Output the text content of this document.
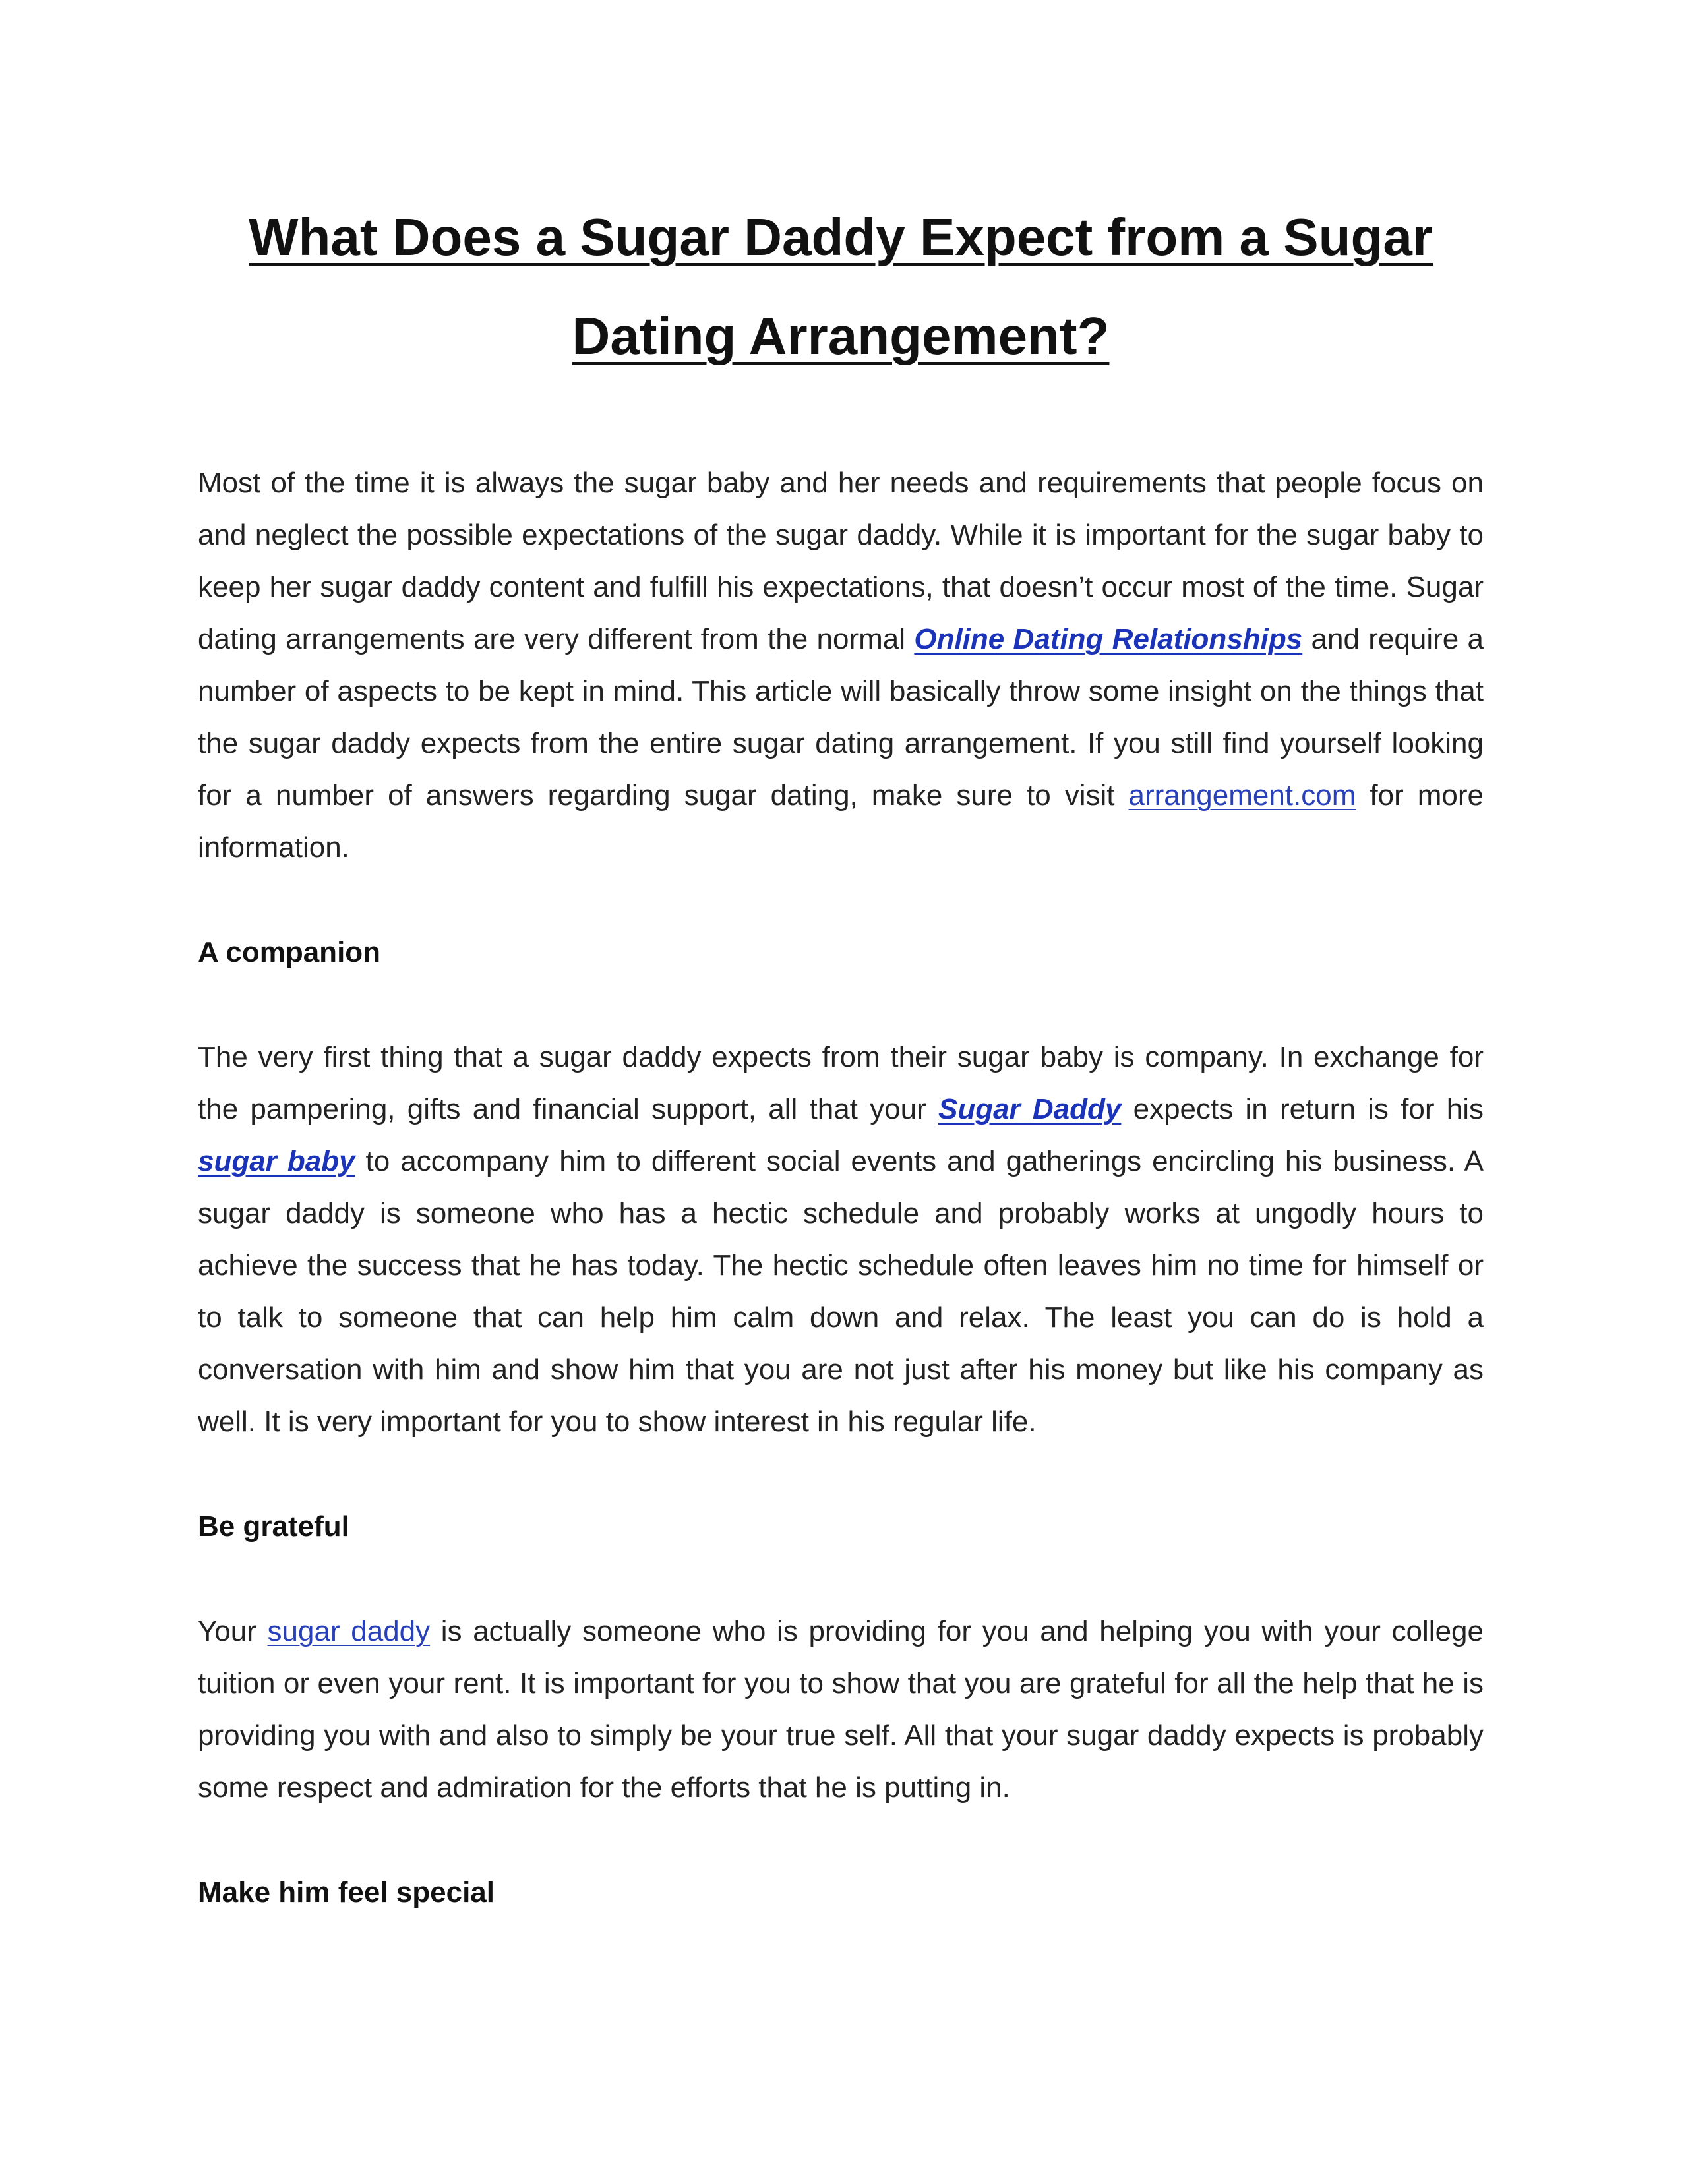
What Does a Sugar Daddy Expect from a Sugar
Dating Arrangement?

Most of the time it is always the sugar baby and her needs and requirements that people focus on and neglect the possible expectations of the sugar daddy. While it is important for the sugar baby to keep her sugar daddy content and fulfill his expectations, that doesn’t occur most of the time. Sugar dating arrangements are very different from the normal Online Dating Relationships and require a number of aspects to be kept in mind. This article will basically throw some insight on the things that the sugar daddy expects from the entire sugar dating arrangement. If you still find yourself looking for a number of answers regarding sugar dating, make sure to visit arrangement.com for more information.

A companion

The very first thing that a sugar daddy expects from their sugar baby is company. In exchange for the pampering, gifts and financial support, all that your Sugar Daddy expects in return is for his sugar baby to accompany him to different social events and gatherings encircling his business. A sugar daddy is someone who has a hectic schedule and probably works at ungodly hours to achieve the success that he has today. The hectic schedule often leaves him no time for himself or to talk to someone that can help him calm down and relax. The least you can do is hold a conversation with him and show him that you are not just after his money but like his company as well. It is very important for you to show interest in his regular life.

Be grateful

Your sugar daddy is actually someone who is providing for you and helping you with your college tuition or even your rent. It is important for you to show that you are grateful for all the help that he is providing you with and also to simply be your true self. All that your sugar daddy expects is probably some respect and admiration for the efforts that he is putting in.

Make him feel special
